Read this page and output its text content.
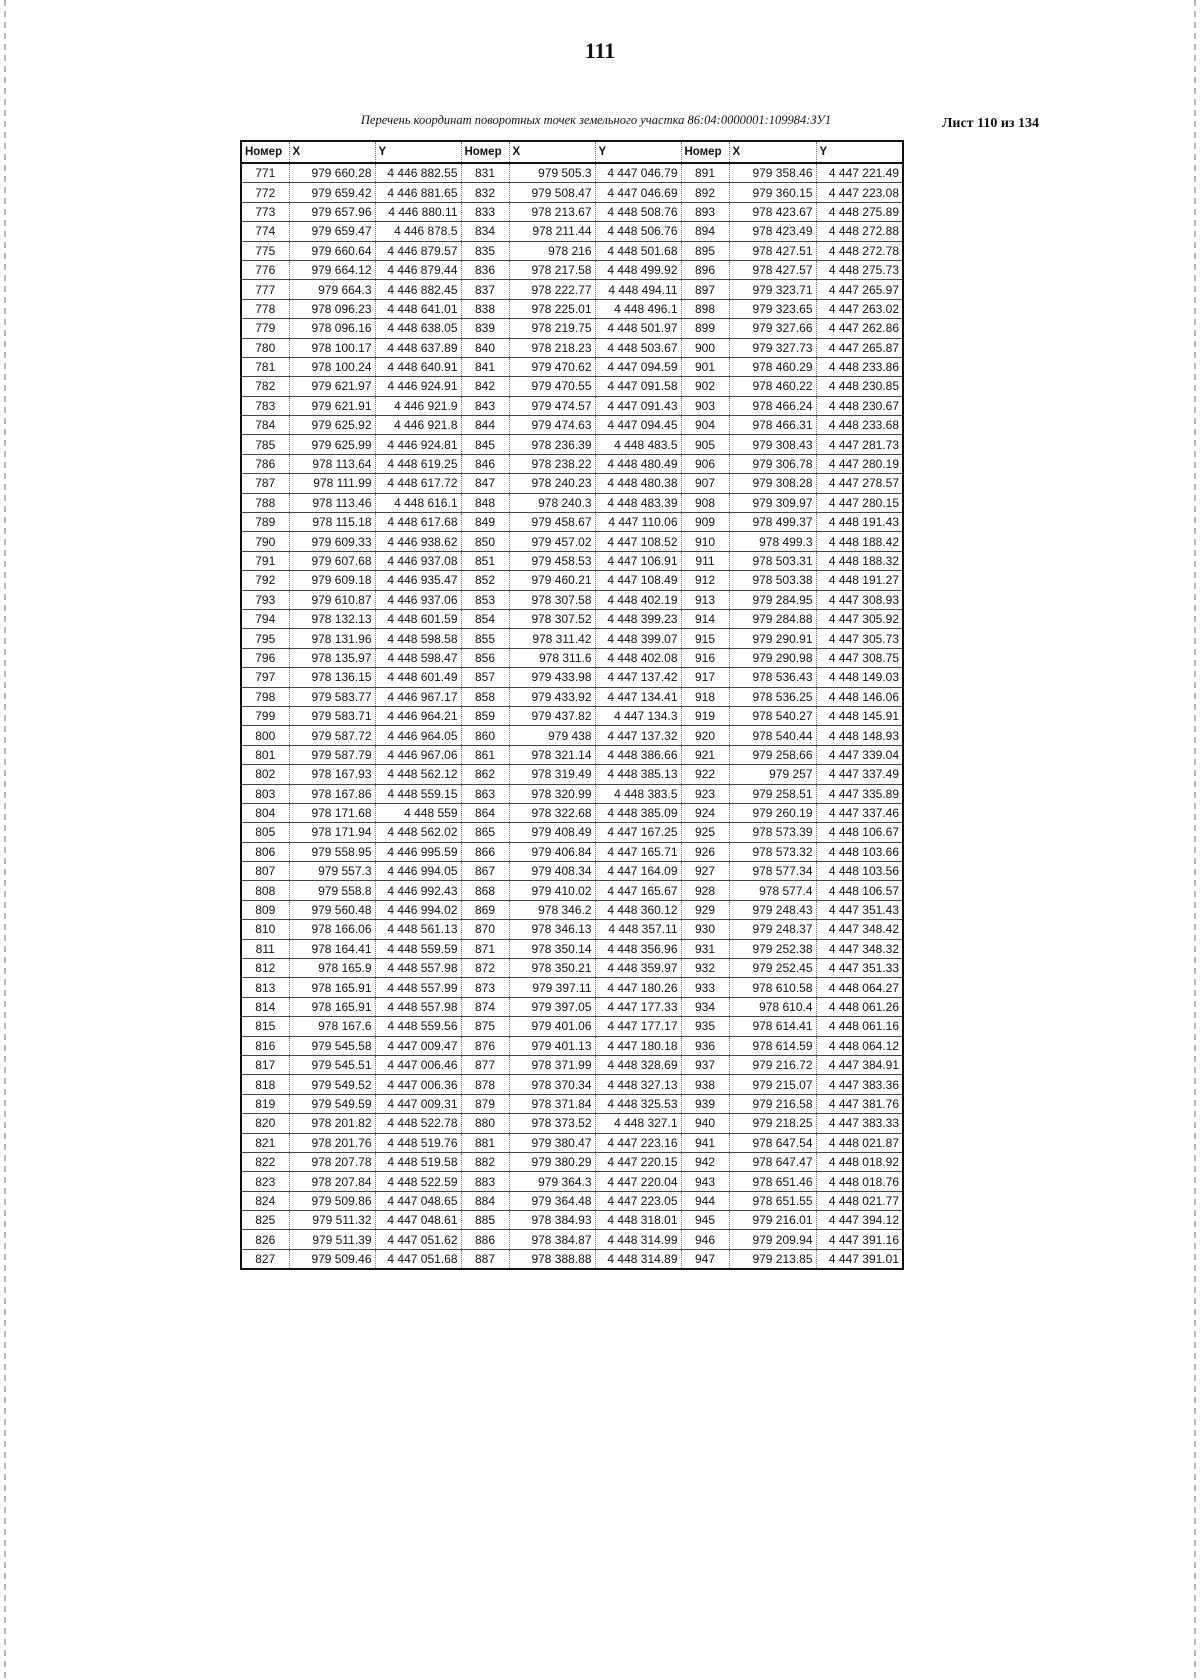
111
Перечень координат поворотных точек земельного участка 86:04:0000001:109984:ЗУ1	Лист 110 из 134
Номер	X	Y	Номер	X	Y	Номер	X	Y
771	979 660.28	4 446 882.55	831	979 505.3	4 447 046.79	891	979 358.46	4 447 221.49
772	979 659.42	4 446 881.65	832	979 508.47	4 447 046.69	892	979 360.15	4 447 223.08
773	979 657.96	4 446 880.11	833	978 213.67	4 448 508.76	893	978 423.67	4 448 275.89
774	979 659.47	4 446 878.5	834	978 211.44	4 448 506.76	894	978 423.49	4 448 272.88
775	979 660.64	4 446 879.57	835	978 216	4 448 501.68	895	978 427.51	4 448 272.78
776	979 664.12	4 446 879.44	836	978 217.58	4 448 499.92	896	978 427.57	4 448 275.73
777	979 664.3	4 446 882.45	837	978 222.77	4 448 494.11	897	979 323.71	4 447 265.97
778	978 096.23	4 448 641.01	838	978 225.01	4 448 496.1	898	979 323.65	4 447 263.02
779	978 096.16	4 448 638.05	839	978 219.75	4 448 501.97	899	979 327.66	4 447 262.86
780	978 100.17	4 448 637.89	840	978 218.23	4 448 503.67	900	979 327.73	4 447 265.87
781	978 100.24	4 448 640.91	841	979 470.62	4 447 094.59	901	978 460.29	4 448 233.86
782	979 621.97	4 446 924.91	842	979 470.55	4 447 091.58	902	978 460.22	4 448 230.85
783	979 621.91	4 446 921.9	843	979 474.57	4 447 091.43	903	978 466.24	4 448 230.67
784	979 625.92	4 446 921.8	844	979 474.63	4 447 094.45	904	978 466.31	4 448 233.68
785	979 625.99	4 446 924.81	845	978 236.39	4 448 483.5	905	979 308.43	4 447 281.73
786	978 113.64	4 448 619.25	846	978 238.22	4 448 480.49	906	979 306.78	4 447 280.19
787	978 111.99	4 448 617.72	847	978 240.23	4 448 480.38	907	979 308.28	4 447 278.57
788	978 113.46	4 448 616.1	848	978 240.3	4 448 483.39	908	979 309.97	4 447 280.15
789	978 115.18	4 448 617.68	849	979 458.67	4 447 110.06	909	978 499.37	4 448 191.43
790	979 609.33	4 446 938.62	850	979 457.02	4 447 108.52	910	978 499.3	4 448 188.42
791	979 607.68	4 446 937.08	851	979 458.53	4 447 106.91	911	978 503.31	4 448 188.32
792	979 609.18	4 446 935.47	852	979 460.21	4 447 108.49	912	978 503.38	4 448 191.27
793	979 610.87	4 446 937.06	853	978 307.58	4 448 402.19	913	979 284.95	4 447 308.93
794	978 132.13	4 448 601.59	854	978 307.52	4 448 399.23	914	979 284.88	4 447 305.92
795	978 131.96	4 448 598.58	855	978 311.42	4 448 399.07	915	979 290.91	4 447 305.73
796	978 135.97	4 448 598.47	856	978 311.6	4 448 402.08	916	979 290.98	4 447 308.75
797	978 136.15	4 448 601.49	857	979 433.98	4 447 137.42	917	978 536.43	4 448 149.03
798	979 583.77	4 446 967.17	858	979 433.92	4 447 134.41	918	978 536.25	4 448 146.06
799	979 583.71	4 446 964.21	859	979 437.82	4 447 134.3	919	978 540.27	4 448 145.91
800	979 587.72	4 446 964.05	860	979 438	4 447 137.32	920	978 540.44	4 448 148.93
801	979 587.79	4 446 967.06	861	978 321.14	4 448 386.66	921	979 258.66	4 447 339.04
802	978 167.93	4 448 562.12	862	978 319.49	4 448 385.13	922	979 257	4 447 337.49
803	978 167.86	4 448 559.15	863	978 320.99	4 448 383.5	923	979 258.51	4 447 335.89
804	978 171.68	4 448 559	864	978 322.68	4 448 385.09	924	979 260.19	4 447 337.46
805	978 171.94	4 448 562.02	865	979 408.49	4 447 167.25	925	978 573.39	4 448 106.67
806	979 558.95	4 446 995.59	866	979 406.84	4 447 165.71	926	978 573.32	4 448 103.66
807	979 557.3	4 446 994.05	867	979 408.34	4 447 164.09	927	978 577.34	4 448 103.56
808	979 558.8	4 446 992.43	868	979 410.02	4 447 165.67	928	978 577.4	4 448 106.57
809	979 560.48	4 446 994.02	869	978 346.2	4 448 360.12	929	979 248.43	4 447 351.43
810	978 166.06	4 448 561.13	870	978 346.13	4 448 357.11	930	979 248.37	4 447 348.42
811	978 164.41	4 448 559.59	871	978 350.14	4 448 356.96	931	979 252.38	4 447 348.32
812	978 165.9	4 448 557.98	872	978 350.21	4 448 359.97	932	979 252.45	4 447 351.33
813	978 165.91	4 448 557.99	873	979 397.11	4 447 180.26	933	978 610.58	4 448 064.27
814	978 165.91	4 448 557.98	874	979 397.05	4 447 177.33	934	978 610.4	4 448 061.26
815	978 167.6	4 448 559.56	875	979 401.06	4 447 177.17	935	978 614.41	4 448 061.16
816	979 545.58	4 447 009.47	876	979 401.13	4 447 180.18	936	978 614.59	4 448 064.12
817	979 545.51	4 447 006.46	877	978 371.99	4 448 328.69	937	979 216.72	4 447 384.91
818	979 549.52	4 447 006.36	878	978 370.34	4 448 327.13	938	979 215.07	4 447 383.36
819	979 549.59	4 447 009.31	879	978 371.84	4 448 325.53	939	979 216.58	4 447 381.76
820	978 201.82	4 448 522.78	880	978 373.52	4 448 327.1	940	979 218.25	4 447 383.33
821	978 201.76	4 448 519.76	881	979 380.47	4 447 223.16	941	978 647.54	4 448 021.87
822	978 207.78	4 448 519.58	882	979 380.29	4 447 220.15	942	978 647.47	4 448 018.92
823	978 207.84	4 448 522.59	883	979 364.3	4 447 220.04	943	978 651.46	4 448 018.76
824	979 509.86	4 447 048.65	884	979 364.48	4 447 223.05	944	978 651.55	4 448 021.77
825	979 511.32	4 447 048.61	885	978 384.93	4 448 318.01	945	979 216.01	4 447 394.12
826	979 511.39	4 447 051.62	886	978 384.87	4 448 314.99	946	979 209.94	4 447 391.16
827	979 509.46	4 447 051.68	887	978 388.88	4 448 314.89	947	979 213.85	4 447 391.01
